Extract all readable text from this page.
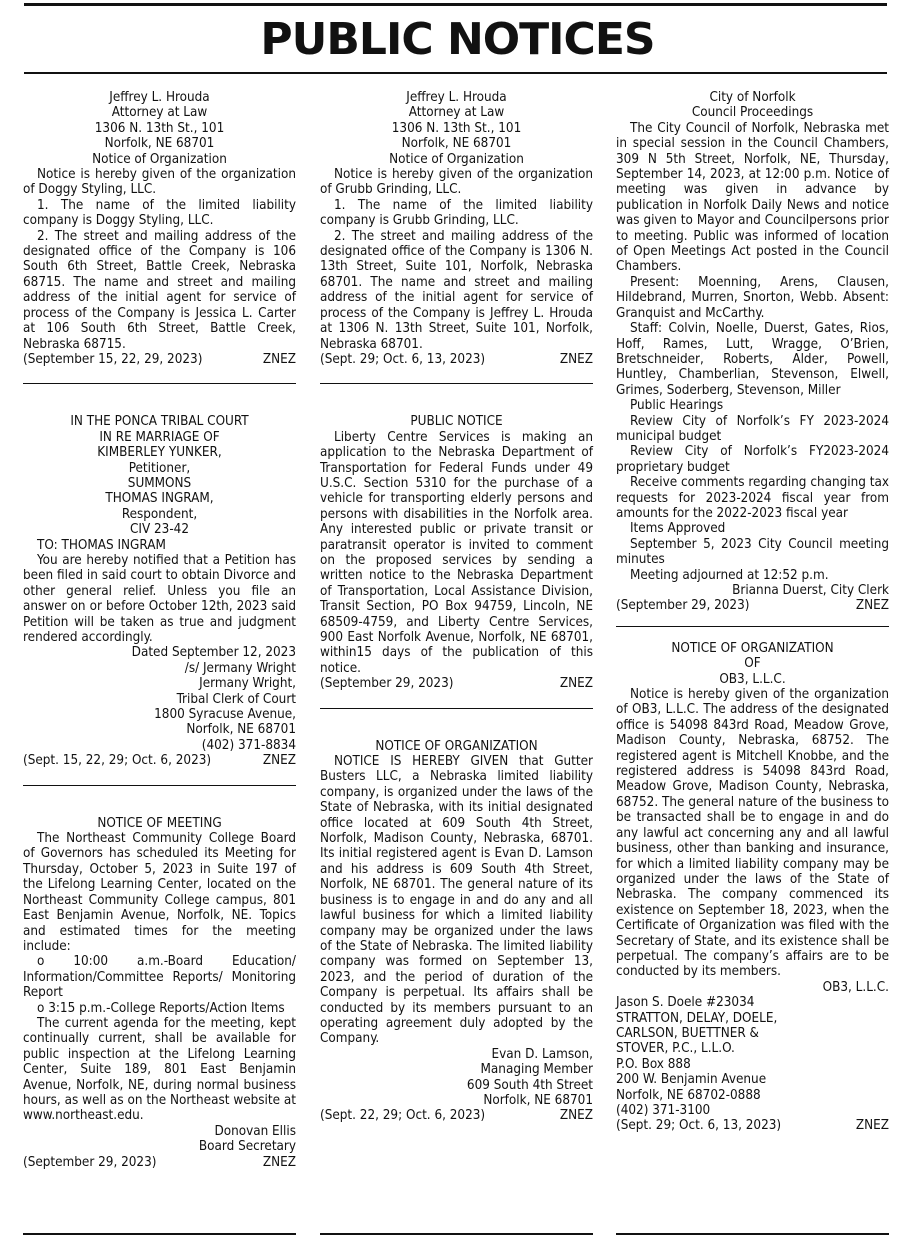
PUBLIC NOTICES

Jeffrey L. Hrouda

Attorney at Law

1306 N. 13th St., 101

Norfolk, NE 68701

Notice of Organization

Notice is hereby given of the organization of Doggy Styling, LLC.

1. The name of the limited liability company is Doggy Styling, LLC.

2. The street and mailing address of the designated office of the Company is 106 South 6th Street, Battle Creek, Nebraska 68715. The name and street and mailing address of the initial agent for service of process of the Company is Jessica L. Carter at 106 South 6th Street, Battle Creek, Nebraska 68715.

(September 15, 22, 29, 2023)	ZNEZ

IN THE PONCA TRIBAL COURT

IN RE MARRIAGE OF

KIMBERLEY YUNKER,

Petitioner,

SUMMONS

THOMAS INGRAM,

Respondent,

CIV 23-42

TO: THOMAS INGRAM

You are hereby notified that a Petition has been filed in said court to obtain Divorce and other general relief. Unless you file an answer on or before October 12th, 2023 said Petition will be taken as true and judgment rendered accordingly.

Dated September 12, 2023

/s/ Jermany Wright

Jermany Wright,

Tribal Clerk of Court

1800 Syracuse Avenue,

Norfolk, NE 68701

(402) 371-8834

(Sept. 15, 22, 29; Oct. 6, 2023)	ZNEZ

NOTICE OF MEETING

The Northeast Community College Board of Governors has scheduled its Meeting for Thursday, October 5, 2023 in Suite 197 of the Lifelong Learning Center, located on the Northeast Community College campus, 801 East Benjamin Avenue, Norfolk, NE. Topics and estimated times for the meeting include:

o 10:00 a.m.-Board Education/ Information/Committee Reports/ Monitoring Report

o 3:15 p.m.-College Reports/Action Items

The current agenda for the meeting, kept continually current, shall be available for public inspection at the Lifelong Learning Center, Suite 189, 801 East Benjamin Avenue, Norfolk, NE, during normal business hours, as well as on the Northeast website at www.northeast.edu.

Donovan Ellis

Board Secretary

(September 29, 2023)	ZNEZ

Jeffrey L. Hrouda

Attorney at Law

1306 N. 13th St., 101

Norfolk, NE 68701

Notice of Organization

Notice is hereby given of the organization of Grubb Grinding, LLC.

1. The name of the limited liability company is Grubb Grinding, LLC.

2. The street and mailing address of the designated office of the Company is 1306 N. 13th Street, Suite 101, Norfolk, Nebraska 68701. The name and street and mailing address of the initial agent for service of process of the Company is Jeffrey L. Hrouda at 1306 N. 13th Street, Suite 101, Norfolk, Nebraska 68701.

(Sept. 29; Oct. 6, 13, 2023)	ZNEZ

PUBLIC NOTICE

Liberty Centre Services is making an application to the Nebraska Department of Transportation for Federal Funds under 49 U.S.C. Section 5310 for the purchase of a vehicle for transporting elderly persons and persons with disabilities in the Norfolk area. Any interested public or private transit or paratransit operator is invited to comment on the proposed services by sending a written notice to the Nebraska Department of Transportation, Local Assistance Division, Transit Section, PO Box 94759, Lincoln, NE 68509-4759, and Liberty Centre Services, 900 East Norfolk Avenue, Norfolk, NE 68701, within15 days of the publication of this notice.

(September 29, 2023)	ZNEZ

NOTICE OF ORGANIZATION

NOTICE IS HEREBY GIVEN that Gutter Busters LLC, a Nebraska limited liability company, is organized under the laws of the State of Nebraska, with its initial designated office located at 609 South 4th Street, Norfolk, Madison County, Nebraska, 68701. Its initial registered agent is Evan D. Lamson and his address is 609 South 4th Street, Norfolk, NE 68701. The general nature of its business is to engage in and do any and all lawful business for which a limited liability company may be organized under the laws of the State of Nebraska. The limited liability company was formed on September 13, 2023, and the period of duration of the Company is perpetual. Its affairs shall be conducted by its members pursuant to an operating agreement duly adopted by the Company.

Evan D. Lamson,

Managing Member

609 South 4th Street

Norfolk, NE 68701

(Sept. 22, 29; Oct. 6, 2023)	ZNEZ

City of Norfolk

Council Proceedings

The City Council of Norfolk, Nebraska met in special session in the Council Chambers, 309 N 5th Street, Norfolk, NE, Thursday, September 14, 2023, at 12:00 p.m. Notice of meeting was given in advance by publication in Norfolk Daily News and notice was given to Mayor and Councilpersons prior to meeting. Public was informed of location of Open Meetings Act posted in the Council Chambers.

Present: Moenning, Arens, Clausen, Hildebrand, Murren, Snorton, Webb. Absent: Granquist and McCarthy.

Staff: Colvin, Noelle, Duerst, Gates, Rios, Hoff, Rames, Lutt, Wragge, O’Brien, Bretschneider, Roberts, Alder, Powell, Huntley, Chamberlian, Stevenson, Elwell, Grimes, Soderberg, Stevenson, Miller

Public Hearings

Review City of Norfolk’s FY 2023-2024 municipal budget

Review City of Norfolk’s FY2023-2024 proprietary budget

Receive comments regarding changing tax requests for 2023-2024 fiscal year from amounts for the 2022-2023 fiscal year

Items Approved

September 5, 2023 City Council meeting minutes

Meeting adjourned at 12:52 p.m.

Brianna Duerst, City Clerk

(September 29, 2023)	ZNEZ

NOTICE OF ORGANIZATION

OF

OB3, L.L.C.

Notice is hereby given of the organization of OB3, L.L.C. The address of the designated office is 54098 843rd Road, Meadow Grove, Madison County, Nebraska, 68752. The registered agent is Mitchell Knobbe, and the registered address is 54098 843rd Road, Meadow Grove, Madison County, Nebraska, 68752. The general nature of the business to be transacted shall be to engage in and do any lawful act concerning any and all lawful business, other than banking and insurance, for which a limited liability company may be organized under the laws of the State of Nebraska. The company commenced its existence on September 18, 2023, when the Certificate of Organization was filed with the Secretary of State, and its existence shall be perpetual. The company’s affairs are to be conducted by its members.

OB3, L.L.C.

Jason S. Doele #23034

STRATTON, DELAY, DOELE,

CARLSON, BUETTNER &

STOVER, P.C., L.L.O.

P.O. Box 888

200 W. Benjamin Avenue

Norfolk, NE 68702-0888

(402) 371-3100

(Sept. 29; Oct. 6, 13, 2023)	ZNEZ
